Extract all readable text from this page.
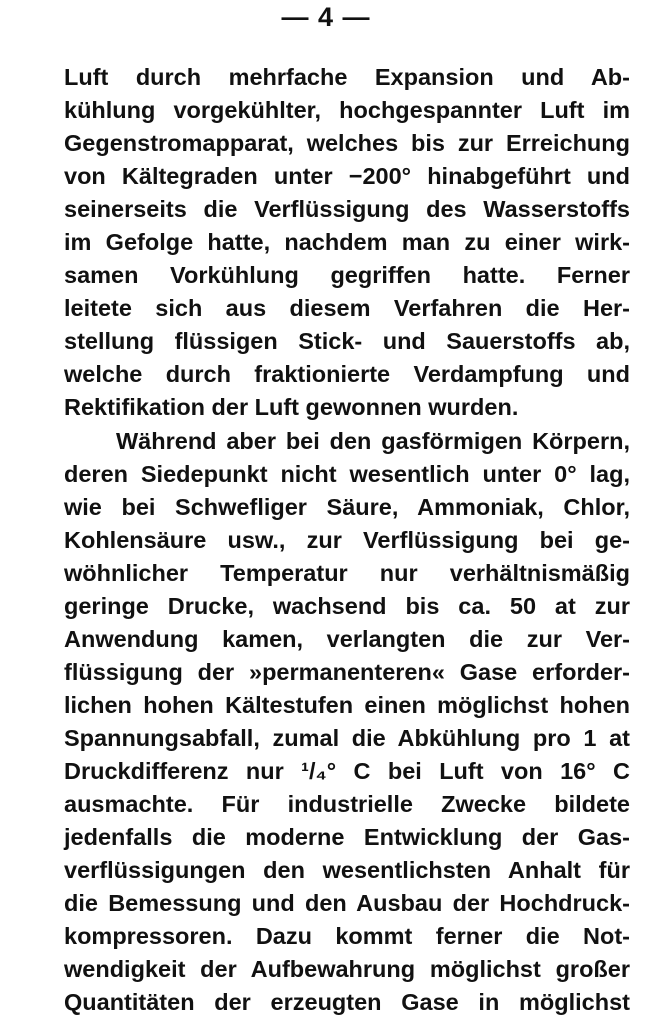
— 4 —
Luft durch mehrfache Expansion und Ab-
kühlung vorgekühlter, hochgespannter Luft im
Gegenstromapparat, welches bis zur Erreichung
von Kältegraden unter −200° hinabgeführt und
seinerseits die Verflüssigung des Wasserstoffs
im Gefolge hatte, nachdem man zu einer wirk-
samen Vorkühlung gegriffen hatte. Ferner
leitete sich aus diesem Verfahren die Her-
stellung flüssigen Stick- und Sauerstoffs ab,
welche durch fraktionierte Verdampfung und
Rektifikation der Luft gewonnen wurden.
Während aber bei den gasförmigen Körpern,
deren Siedepunkt nicht wesentlich unter 0° lag,
wie bei Schwefliger Säure, Ammoniak, Chlor,
Kohlensäure usw., zur Verflüssigung bei ge-
wöhnlicher Temperatur nur verhältnismäßig
geringe Drucke, wachsend bis ca. 50 at zur
Anwendung kamen, verlangten die zur Ver-
flüssigung der »permanenteren« Gase erforder-
lichen hohen Kältestufen einen möglichst hohen
Spannungsabfall, zumal die Abkühlung pro 1 at
Druckdifferenz nur ¹/₄° C bei Luft von 16° C
ausmachte. Für industrielle Zwecke bildete
jedenfalls die moderne Entwicklung der Gas-
verflüssigungen den wesentlichsten Anhalt für
die Bemessung und den Ausbau der Hochdruck-
kompressoren. Dazu kommt ferner die Not-
wendigkeit der Aufbewahrung möglichst großer
Quantitäten der erzeugten Gase in möglichst
